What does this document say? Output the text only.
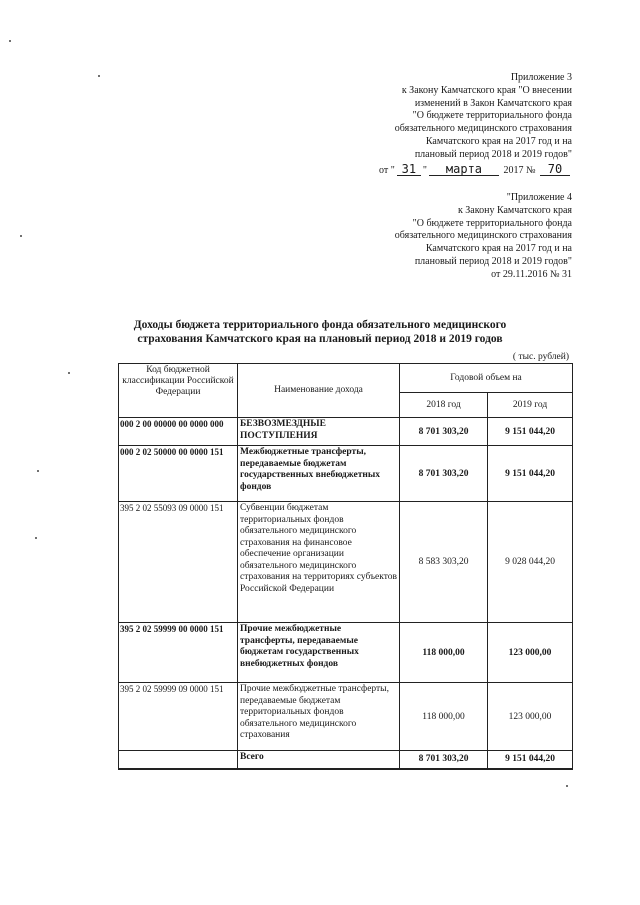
Приложение 3
к Закону Камчатского края "О внесении
изменений в Закон Камчатского края
"О бюджете территориального фонда
обязательного медицинского страхования
Камчатского края на 2017 год и на
плановый период 2018 и 2019 годов"
от " 31 " марта 2017 № 70
"Приложение 4
к Закону Камчатского края
"О бюджете территориального фонда
обязательного медицинского страхования
Камчатского края на 2017 год и на
плановый период 2018 и 2019 годов"
от 29.11.2016 № 31
Доходы бюджета территориального фонда обязательного медицинского
страхования Камчатского края на плановый период 2018 и 2019 годов
( тыс. рублей)
Код бюджетной классификации Российской Федерации	Наименование дохода	Годовой объем на	
		2018 год	2019 год
000 2 00 00000 00 0000 000	БЕЗВОЗМЕЗДНЫЕ ПОСТУПЛЕНИЯ	8 701 303,20	9 151 044,20
000 2 02 50000 00 0000 151	Межбюджетные трансферты, передаваемые бюджетам государственных внебюджетных фондов	8 701 303,20	9 151 044,20
395 2 02 55093 09 0000 151	Субвенции бюджетам территориальных фондов обязательного медицинского страхования на финансовое обеспечение организации обязательного медицинского страхования на территориях субъектов Российской Федерации	8 583 303,20	9 028 044,20
395 2 02 59999 00 0000 151	Прочие межбюджетные трансферты, передаваемые бюджетам государственных внебюджетных фондов	118 000,00	123 000,00
395 2 02 59999 09 0000 151	Прочие межбюджетные трансферты, передаваемые бюджетам территориальных фондов обязательного медицинского страхования	118 000,00	123 000,00
	Всего	8 701 303,20	9 151 044,20
